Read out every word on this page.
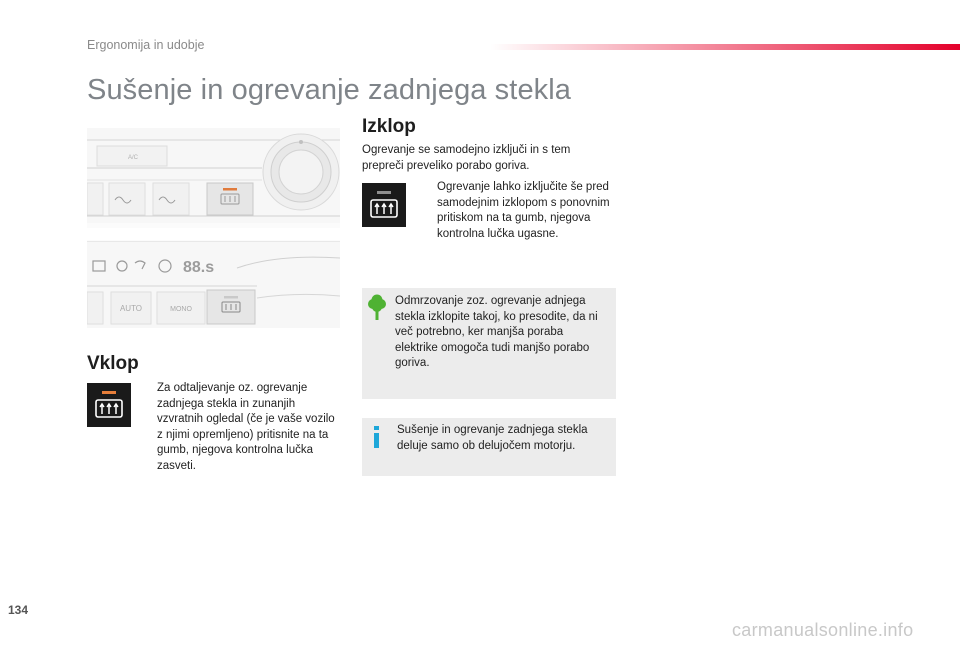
Ergonomija in udobje
Sušenje in ogrevanje zadnjega stekla
A/C
88.s
AUTO	MONO
Vklop
Za odtaljevanje oz. ogrevanje zadnjega stekla in zunanjih vzvratnih ogledal (če je vaše vozilo z njimi opremljeno) pritisnite na ta gumb, njegova kontrolna lučka zasveti.
Izklop
Ogrevanje se samodejno izključi in s tem prepreči preveliko porabo goriva.
Ogrevanje lahko izključite še pred samodejnim izklopom s ponovnim pritiskom na ta gumb, njegova kontrolna lučka ugasne.
Odmrzovanje zoz. ogrevanje adnjega stekla izklopite takoj, ko presodite, da ni več potrebno, ker manjša poraba elektrike omogoča tudi manjšo porabo goriva.
Sušenje in ogrevanje zadnjega stekla deluje samo ob delujočem motorju.
134
carmanualsonline.info
